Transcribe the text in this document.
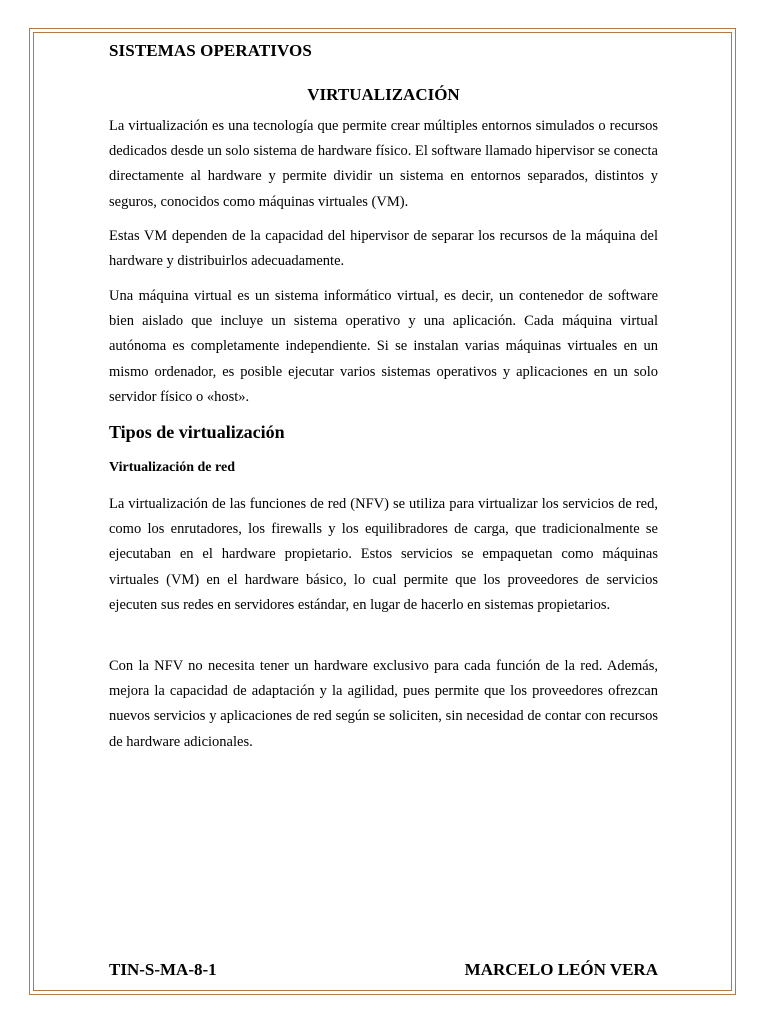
SISTEMAS OPERATIVOS
VIRTUALIZACIÓN

La virtualización es una tecnología que permite crear múltiples entornos simulados o recursos dedicados desde un solo sistema de hardware físico. El software llamado hipervisor se conecta directamente al hardware y permite dividir un sistema en entornos separados, distintos y seguros, conocidos como máquinas virtuales (VM).

Estas VM dependen de la capacidad del hipervisor de separar los recursos de la máquina del hardware y distribuirlos adecuadamente.

Una máquina virtual es un sistema informático virtual, es decir, un contenedor de software bien aislado que incluye un sistema operativo y una aplicación. Cada máquina virtual autónoma es completamente independiente. Si se instalan varias máquinas virtuales en un mismo ordenador, es posible ejecutar varios sistemas operativos y aplicaciones en un solo servidor físico o «host».

Tipos de virtualización
Virtualización de red

La virtualización de las funciones de red (NFV) se utiliza para virtualizar los servicios de red, como los enrutadores, los firewalls y los equilibradores de carga, que tradicionalmente se ejecutaban en el hardware propietario. Estos servicios se empaquetan como máquinas virtuales (VM) en el hardware básico, lo cual permite que los proveedores de servicios ejecuten sus redes en servidores estándar, en lugar de hacerlo en sistemas propietarios.

Con la NFV no necesita tener un hardware exclusivo para cada función de la red. Además, mejora la capacidad de adaptación y la agilidad, pues permite que los proveedores ofrezcan nuevos servicios y aplicaciones de red según se soliciten, sin necesidad de contar con recursos de hardware adicionales.

TIN-S-MA-8-1	MARCELO LEÓN VERA
